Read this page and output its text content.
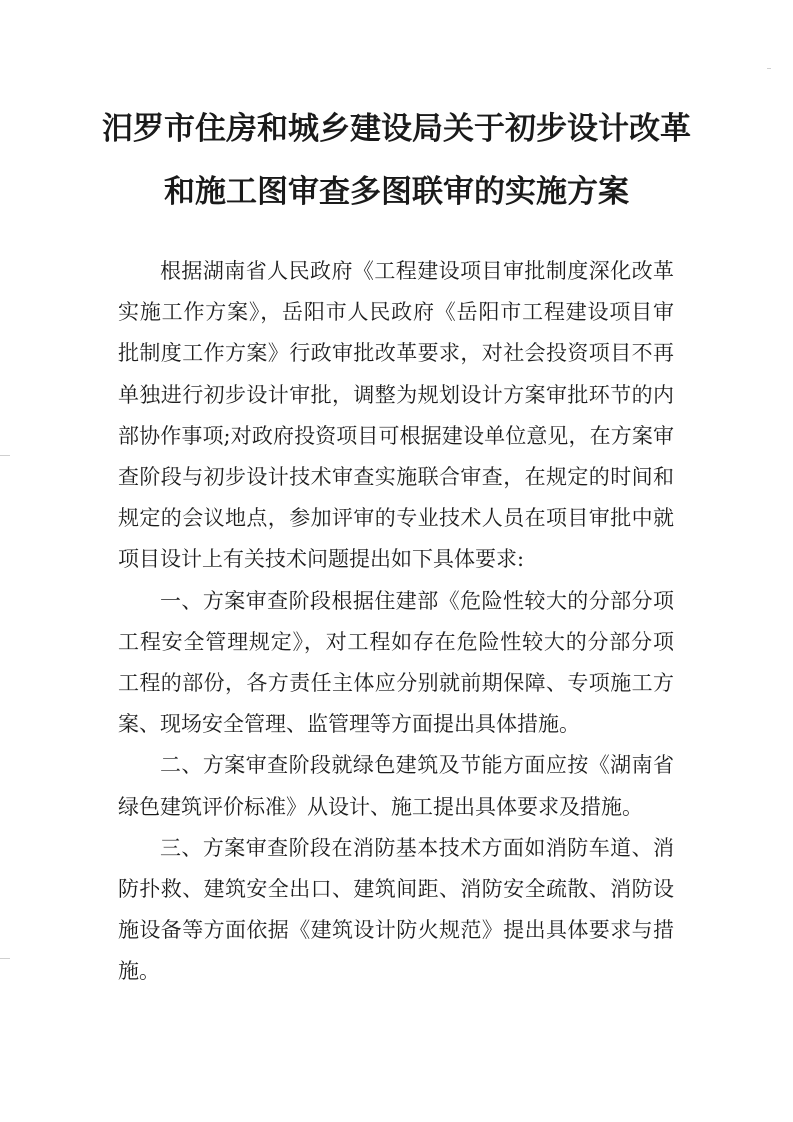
汨罗市住房和城乡建设局关于初步设计改革
和施工图审查多图联审的实施方案

根据湖南省人民政府《工程建设项目审批制度深化改革实施工作方案》，岳阳市人民政府《岳阳市工程建设项目审批制度工作方案》行政审批改革要求，对社会投资项目不再单独进行初步设计审批，调整为规划设计方案审批环节的内部协作事项;对政府投资项目可根据建设单位意见，在方案审查阶段与初步设计技术审查实施联合审查，在规定的时间和规定的会议地点，参加评审的专业技术人员在项目审批中就项目设计上有关技术问题提出如下具体要求:

一、方案审查阶段根据住建部《危险性较大的分部分项工程安全管理规定》，对工程如存在危险性较大的分部分项工程的部份，各方责任主体应分别就前期保障、专项施工方案、现场安全管理、监管理等方面提出具体措施。

二、方案审查阶段就绿色建筑及节能方面应按《湖南省绿色建筑评价标准》从设计、施工提出具体要求及措施。

三、方案审查阶段在消防基本技术方面如消防车道、消防扑救、建筑安全出口、建筑间距、消防安全疏散、消防设施设备等方面依据《建筑设计防火规范》提出具体要求与措施。
